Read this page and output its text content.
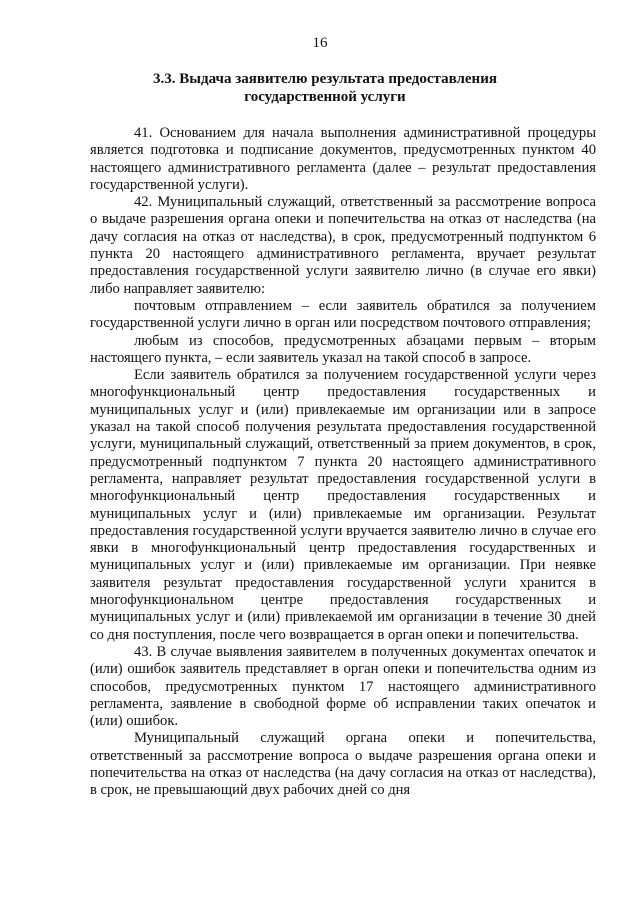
16
3.3. Выдача заявителю результата предоставления
государственной услуги

41. Основанием для начала выполнения административной процедуры является подготовка и подписание документов, предусмотренных пунктом 40 настоящего административного регламента (далее – результат предоставления государственной услуги).

42. Муниципальный служащий, ответственный за рассмотрение вопроса о выдаче разрешения органа опеки и попечительства на отказ от наследства (на дачу согласия на отказ от наследства), в срок, предусмотренный подпунктом 6 пункта 20 настоящего административного регламента, вручает результат предоставления государственной услуги заявителю лично (в случае его явки) либо направляет заявителю:

почтовым отправлением – если заявитель обратился за получением государственной услуги лично в орган или посредством почтового отправления;

любым из способов, предусмотренных абзацами первым – вторым настоящего пункта, – если заявитель указал на такой способ в запросе.

Если заявитель обратился за получением государственной услуги через многофункциональный центр предоставления государственных и муниципальных услуг и (или) привлекаемые им организации или в запросе указал на такой способ получения результата предоставления государственной услуги, муниципальный служащий, ответственный за прием документов, в срок, предусмотренный подпунктом 7 пункта 20 настоящего административного регламента, направляет результат предоставления государственной услуги в многофункциональный центр предоставления государственных и муниципальных услуг и (или) привлекаемые им организации. Результат предоставления государственной услуги вручается заявителю лично в случае его явки в многофункциональный центр предоставления государственных и муниципальных услуг и (или) привлекаемые им организации. При неявке заявителя результат предоставления государственной услуги хранится в многофункциональном центре предоставления государственных и муниципальных услуг и (или) привлекаемой им организации в течение 30 дней со дня поступления, после чего возвращается в орган опеки и попечительства.

43. В случае выявления заявителем в полученных документах опечаток и (или) ошибок заявитель представляет в орган опеки и попечительства одним из способов, предусмотренных пунктом 17 настоящего административного регламента, заявление в свободной форме об исправлении таких опечаток и (или) ошибок.

Муниципальный служащий органа опеки и попечительства, ответственный за рассмотрение вопроса о выдаче разрешения органа опеки и попечительства на отказ от наследства (на дачу согласия на отказ от наследства), в срок, не превышающий двух рабочих дней со дня
